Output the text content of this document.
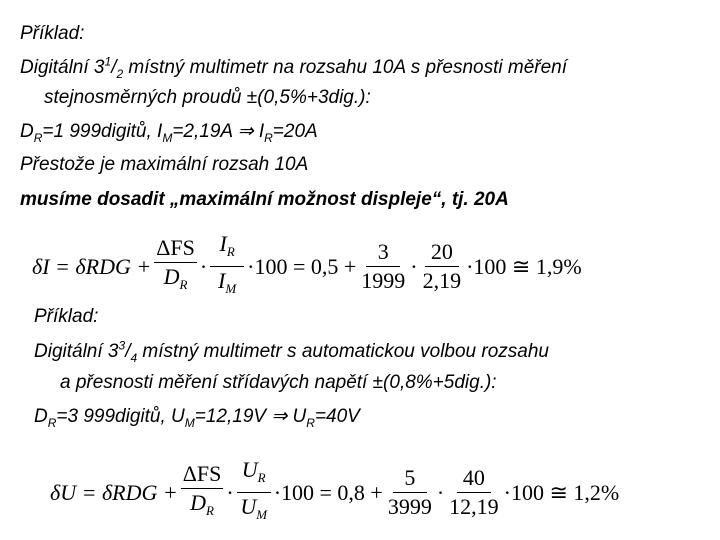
Příklad:
Digitální $3^1/_2$ místný multimetr na rozsahu 10A s přesnosti měření
stejnosměrných proudů ±(0,5%+3dig.):
$D_R=1$ 999digitů, $I_M=2,19A$ ⇒ $I_R=20A$
Přestože je maximální rozsah 10A
musíme dosadit „maximální možnost displeje“, tj. 20A
$\delta I = \delta RDG + \frac{\text{ΔFS}}{D_R} \cdot \frac{I_R}{I_M} \cdot 100 = 0,5 + \frac{3}{1999} \cdot \frac{20}{2,19} \cdot 100$ ≅ 1,9%
Příklad:
Digitální $3^3/_4$ místný multimetr s automatickou volbou rozsahu
a přesnosti měření střídavých napětí ±(0,8%+5dig.):
$D_R=3$ 999digitů, $U_M=12,19V$ ⇒ $U_R=40V$
$\delta U = \delta RDG + \frac{\text{ΔFS}}{D_R} \cdot \frac{U_R}{U_M} \cdot 100 = 0,8 + \frac{5}{3999} \cdot \frac{40}{12,19} \cdot 100$ ≅ 1,2%
